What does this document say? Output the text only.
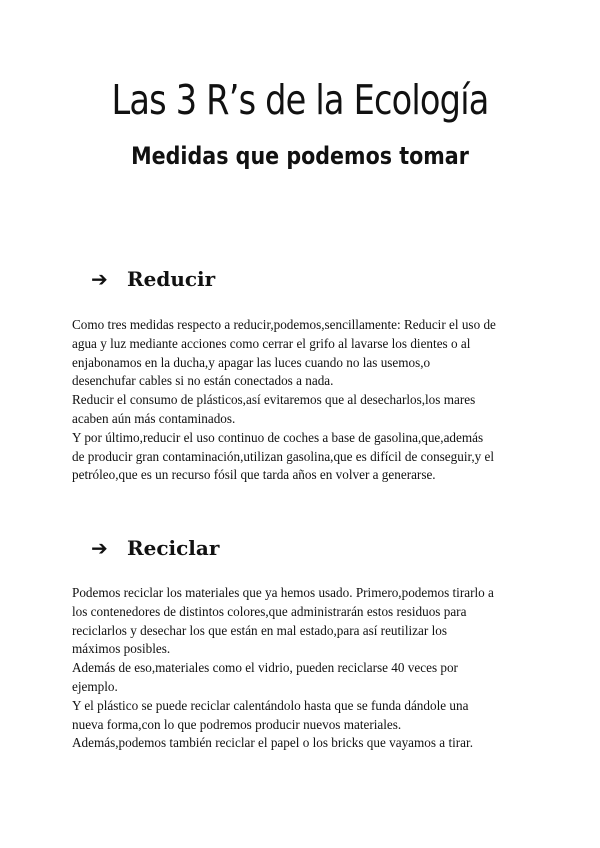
Las 3 R’s de la Ecología
Medidas que podemos tomar
➔ Reducir
Como tres medidas respecto a reducir,podemos,sencillamente: Reducir el uso de
agua y luz mediante acciones como cerrar el grifo al lavarse los dientes o al
enjabonamos en la ducha,y apagar las luces cuando no las usemos,o
desenchufar cables si no están conectados a nada.
Reducir el consumo de plásticos,así evitaremos que al desecharlos,los mares
acaben aún más contaminados.
Y por último,reducir el uso continuo de coches a base de gasolina,que,además
de producir gran contaminación,utilizan gasolina,que es difícil de conseguir,y el
petróleo,que es un recurso fósil que tarda años en volver a generarse.
➔ Reciclar
Podemos reciclar los materiales que ya hemos usado. Primero,podemos tirarlo a
los contenedores de distintos colores,que administrarán estos residuos para
reciclarlos y desechar los que están en mal estado,para así reutilizar los
máximos posibles.
Además de eso,materiales como el vidrio, pueden reciclarse 40 veces por
ejemplo.
Y el plástico se puede reciclar calentándolo hasta que se funda dándole una
nueva forma,con lo que podremos producir nuevos materiales.
Además,podemos también reciclar el papel o los bricks que vayamos a tirar.
